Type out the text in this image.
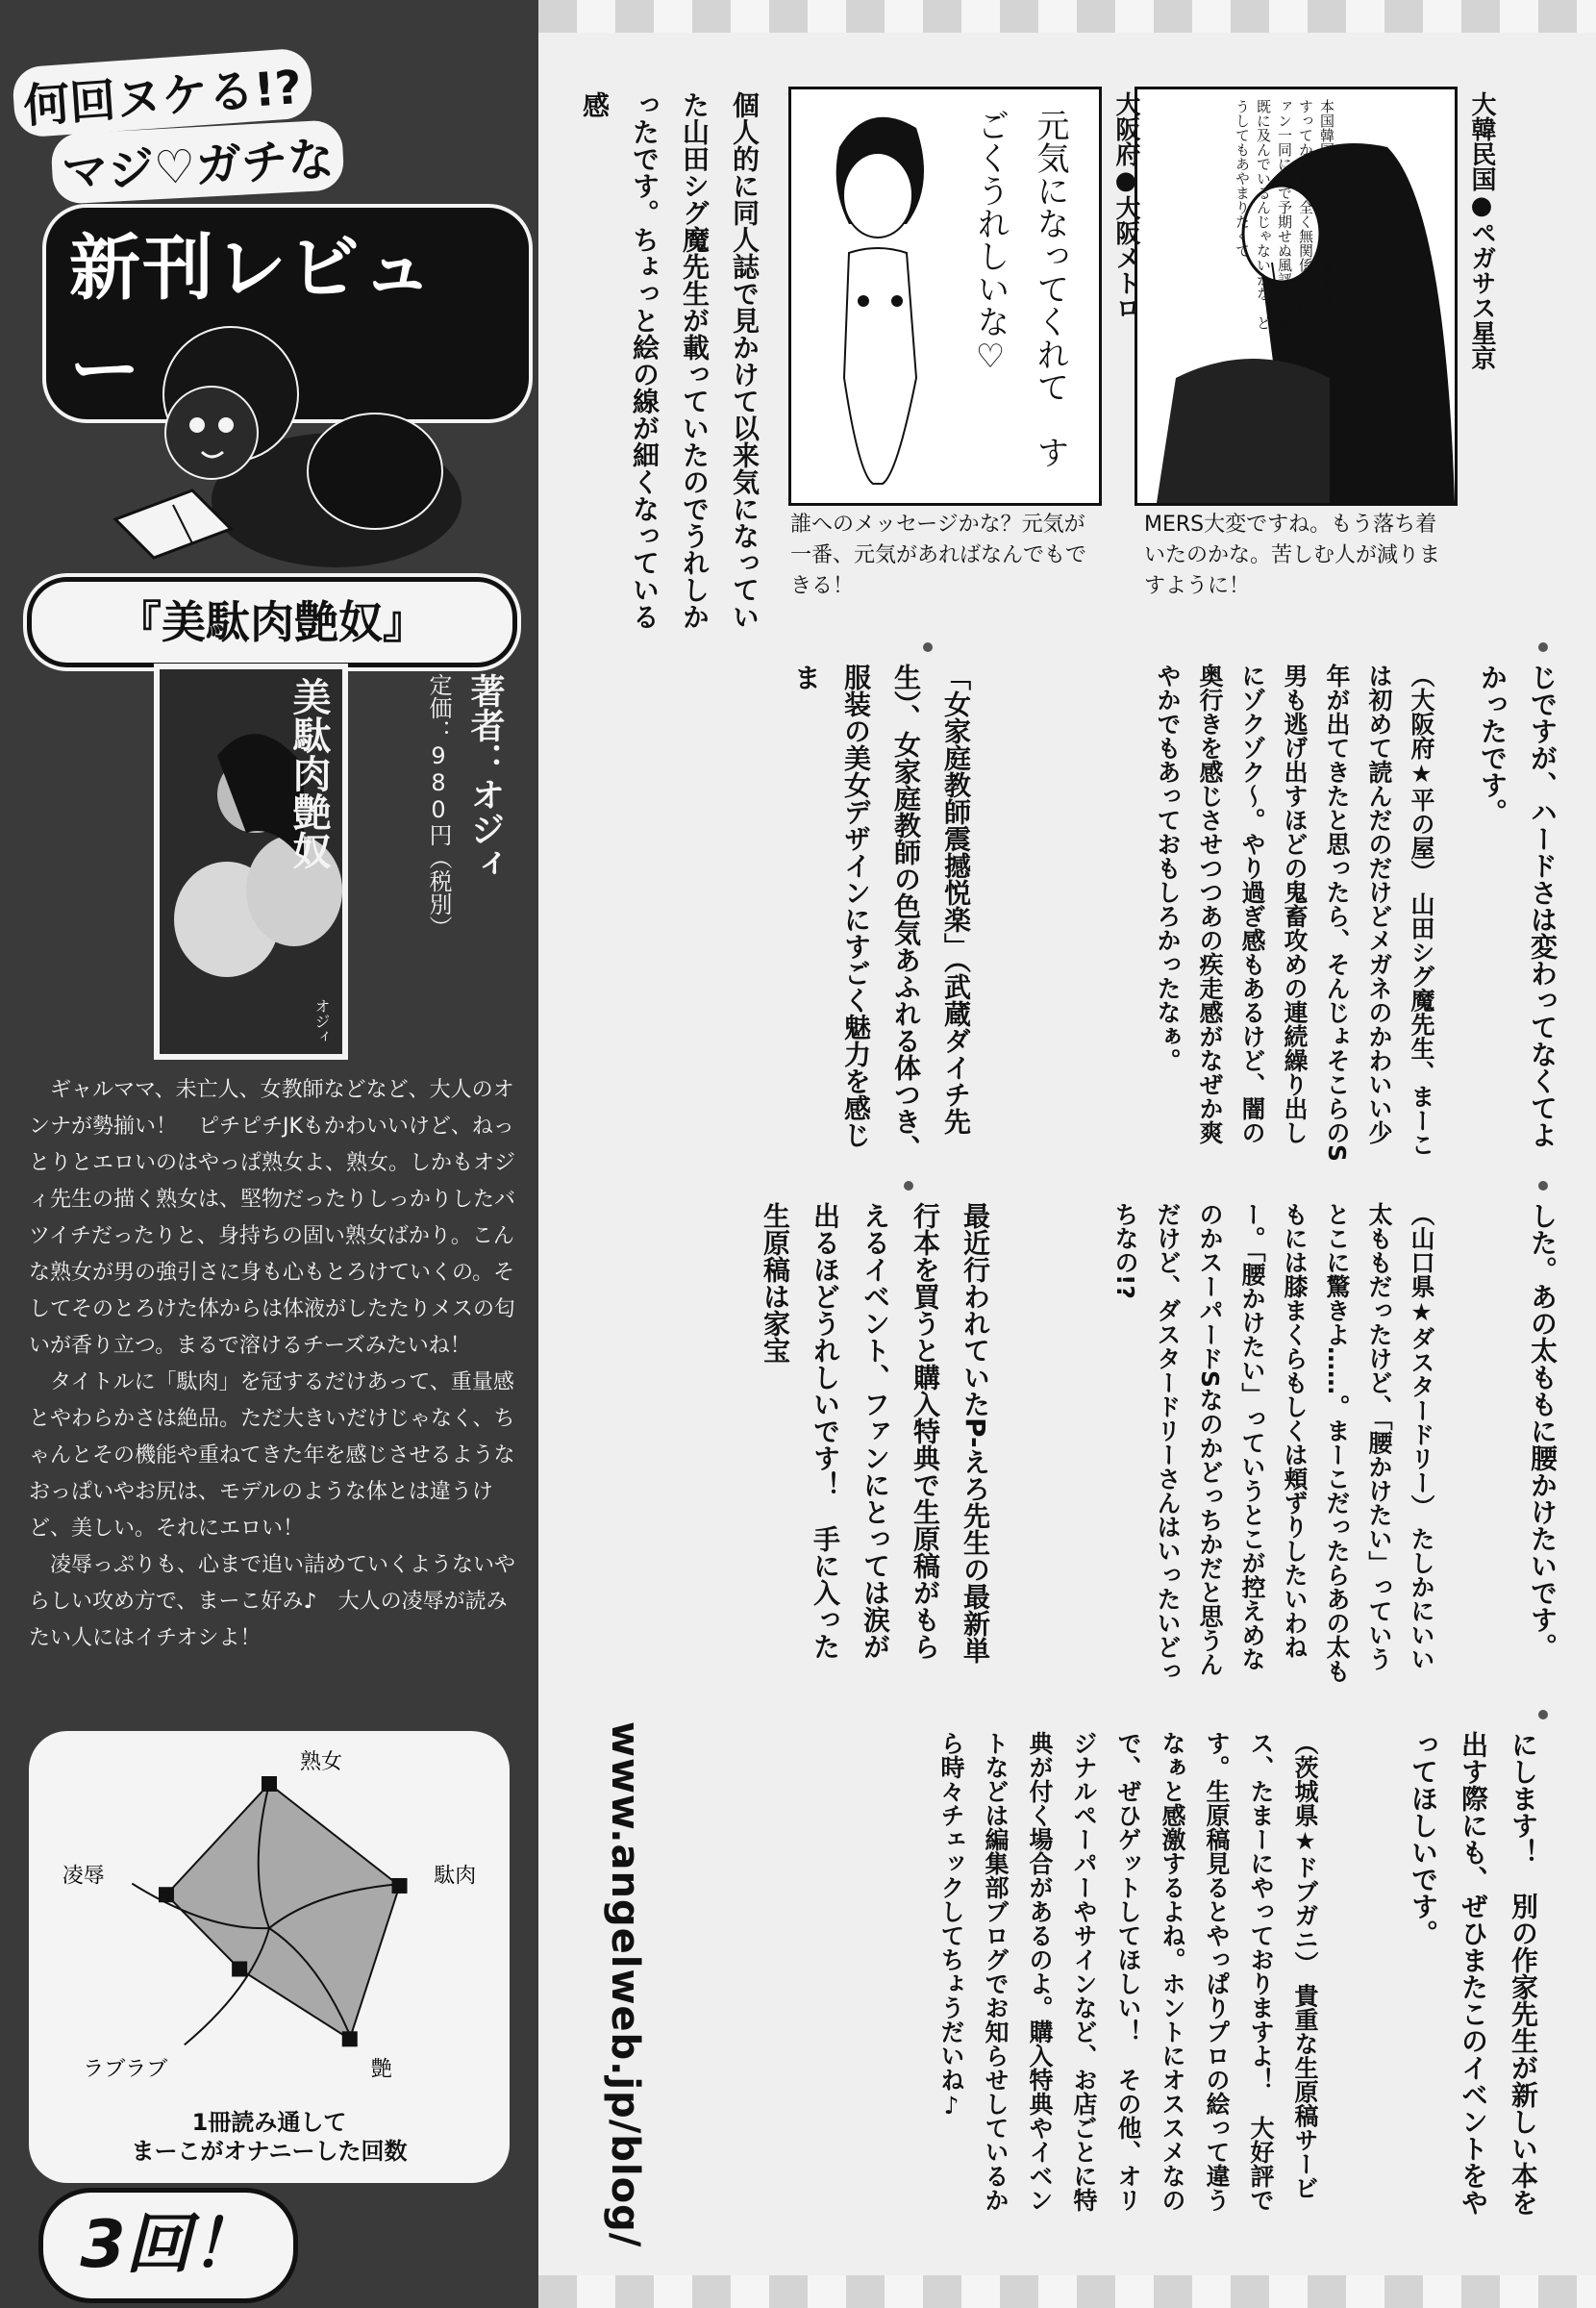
何回ヌケる!?
マジ♡ガチな
新刊レビュー
『美駄肉艶奴』
美駄肉艶奴
オジィ
著者：オジィ
定価：980円（税別）

ギャルママ、未亡人、女教師などなど、大人のオンナが勢揃い！　ピチピチJKもかわいいけど、ねっとりとエロいのはやっぱ熟女よ、熟女。しかもオジィ先生の描く熟女は、堅物だったりしっかりしたバツイチだったりと、身持ちの固い熟女ばかり。こんな熟女が男の強引さに身も心もとろけていくの。そしてそのとろけた体からは体液がしたたりメスの匂いが香り立つ。まるで溶けるチーズみたいね！

タイトルに「駄肉」を冠するだけあって、重量感とやわらかさは絶品。ただ大きいだけじゃなく、ちゃんとその機能や重ねてきた年を感じさせるようなおっぱいやお尻は、モデルのような体とは違うけど、美しい。それにエロい！

凌辱っぷりも、心まで追い詰めていくようないやらしい攻め方で、まーこ好み♪　大人の凌辱が読みたい人にはイチオシよ！

熟女
駄肉
艶
ラブラブ
凌辱
1冊読み通して
まーこがオナニーした回数
3回！
本国韓国でもMERSが広まる様にすってからは、全く無関係の韓国ファン一同にまで予期せぬ風評被害が既に及んでいるんじゃないかな、どうしてもあやまりたくて	大韓民国●ペガサス星京
MERS大変ですね。もう落ち着いたのかな。苦しむ人が減りますように！
元気になってくれて　すごくうれしいな♡	大阪府●大阪メトロ
誰へのメッセージかな？元気が一番、元気があればなんでもできる！
個人的に同人誌で見かけて以来気になっていた山田シグ魔先生が載っていたのでうれしかったです。ちょっと絵の線が細くなっている感
じですが、ハードさは変わってなくてよかったです。
（大阪府★平の屋） 山田シグ魔先生、まーこは初めて読んだのだけどメガネのかわいい少年が出てきたと思ったら、そんじょそこらのS男も逃げ出すほどの鬼畜攻めの連続繰り出しにゾクゾク～。やり過ぎ感もあるけど、闇の奥行きを感じさせつつあの疾走感がなぜか爽やかでもあっておもしろかったなぁ。
「女家庭教師震撼悦楽」（武蔵ダイチ先生）、女家庭教師の色気あふれる体つき、服装の美女デザインにすごく魅力を感じま
した。あの太ももに腰かけたいです。
（山口県★ダスタードリー） たしかにいい太ももだったけど、「腰かけたい」っていうとこに驚きよ……。まーこだったらあの太ももには膝まくらもしくは頬ずりしたいわねー。「腰かけたい」っていうとこが控えめなのかスーパードSなのかどっちかだと思うんだけど、ダスタードリーさんはいったいどっちなの!?
最近行われていたP-えろ先生の最新単行本を買うと購入特典で生原稿がもらえるイベント、ファンにとっては涙が出るほどうれしいです！　手に入った生原稿は家宝
にします！　別の作家先生が新しい本を出す際にも、ぜひまたこのイベントをやってほしいです。
（茨城県★ドブガニ） 貴重な生原稿サービス、たまーにやっておりますよ！　大好評です。生原稿見るとやっぱりプロの絵って違うなぁと感激するよね。ホントにオススメなので、ぜひゲットしてほしい！　その他、オリジナルペーパーやサインなど、お店ごとに特典が付く場合があるのよ。購入特典やイベントなどは編集部ブログでお知らせしているから時々チェックしてちょうだいね♪
www.angelweb.jp/blog/
